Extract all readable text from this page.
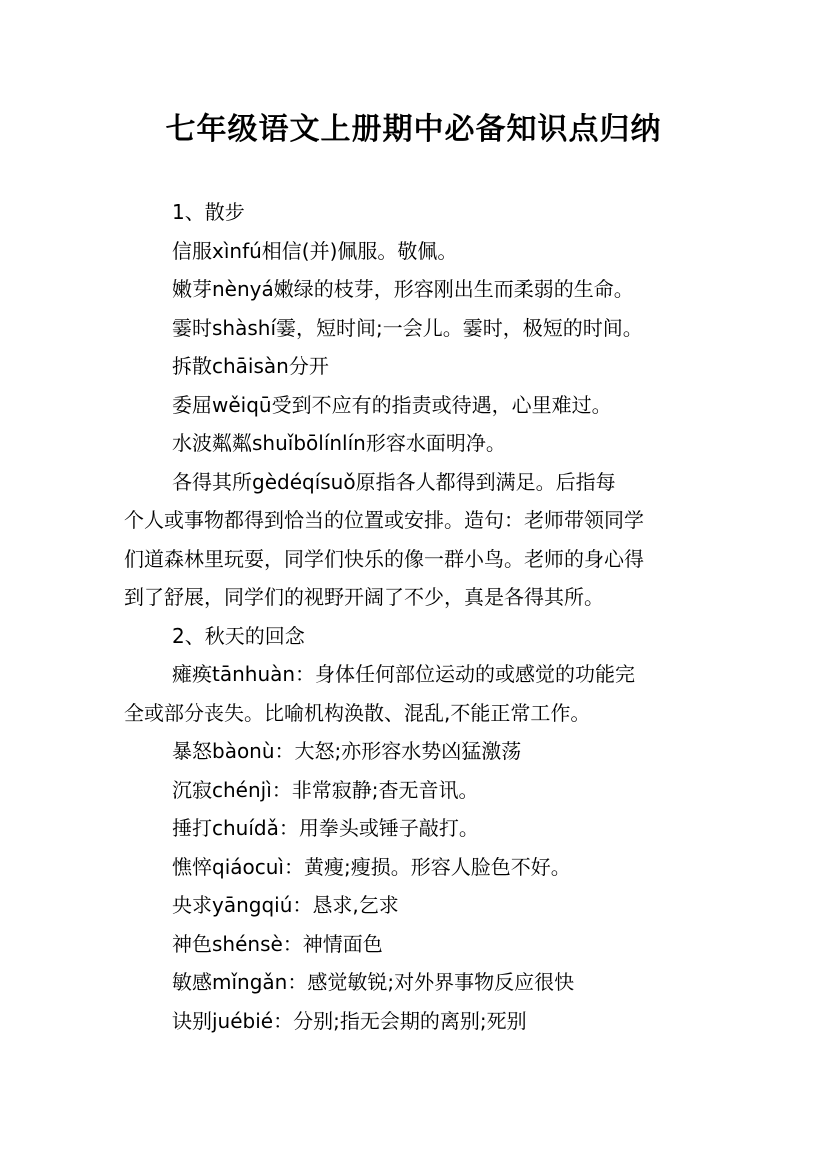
七年级语文上册期中必备知识点归纳
1、散步
信服xìnfú相信(并)佩服。敬佩。
嫩芽nènyá嫩绿的枝芽，形容刚出生而柔弱的生命。
霎时shàshí霎，短时间;一会儿。霎时，极短的时间。
拆散chāisàn分开
委屈wěiqū受到不应有的指责或待遇，心里难过。
水波粼粼shuǐbōlínlín形容水面明净。
各得其所gèdéqísuǒ原指各人都得到满足。后指每
个人或事物都得到恰当的位置或安排。造句：老师带领同学
们道森林里玩耍，同学们快乐的像一群小鸟。老师的身心得
到了舒展，同学们的视野开阔了不少，真是各得其所。
2、秋天的回念
瘫痪tānhuàn：身体任何部位运动的或感觉的功能完
全或部分丧失。比喻机构涣散、混乱,不能正常工作。
暴怒bàonù：大怒;亦形容水势凶猛激荡
沉寂chénjì：非常寂静;杳无音讯。
捶打chuídǎ：用拳头或锤子敲打。
憔悴qiáocuì：黄瘦;瘦损。形容人脸色不好。
央求yāngqiú：恳求,乞求
神色shénsè：神情面色
敏感mǐngǎn：感觉敏锐;对外界事物反应很快
诀别juébié：分别;指无会期的离别;死别
